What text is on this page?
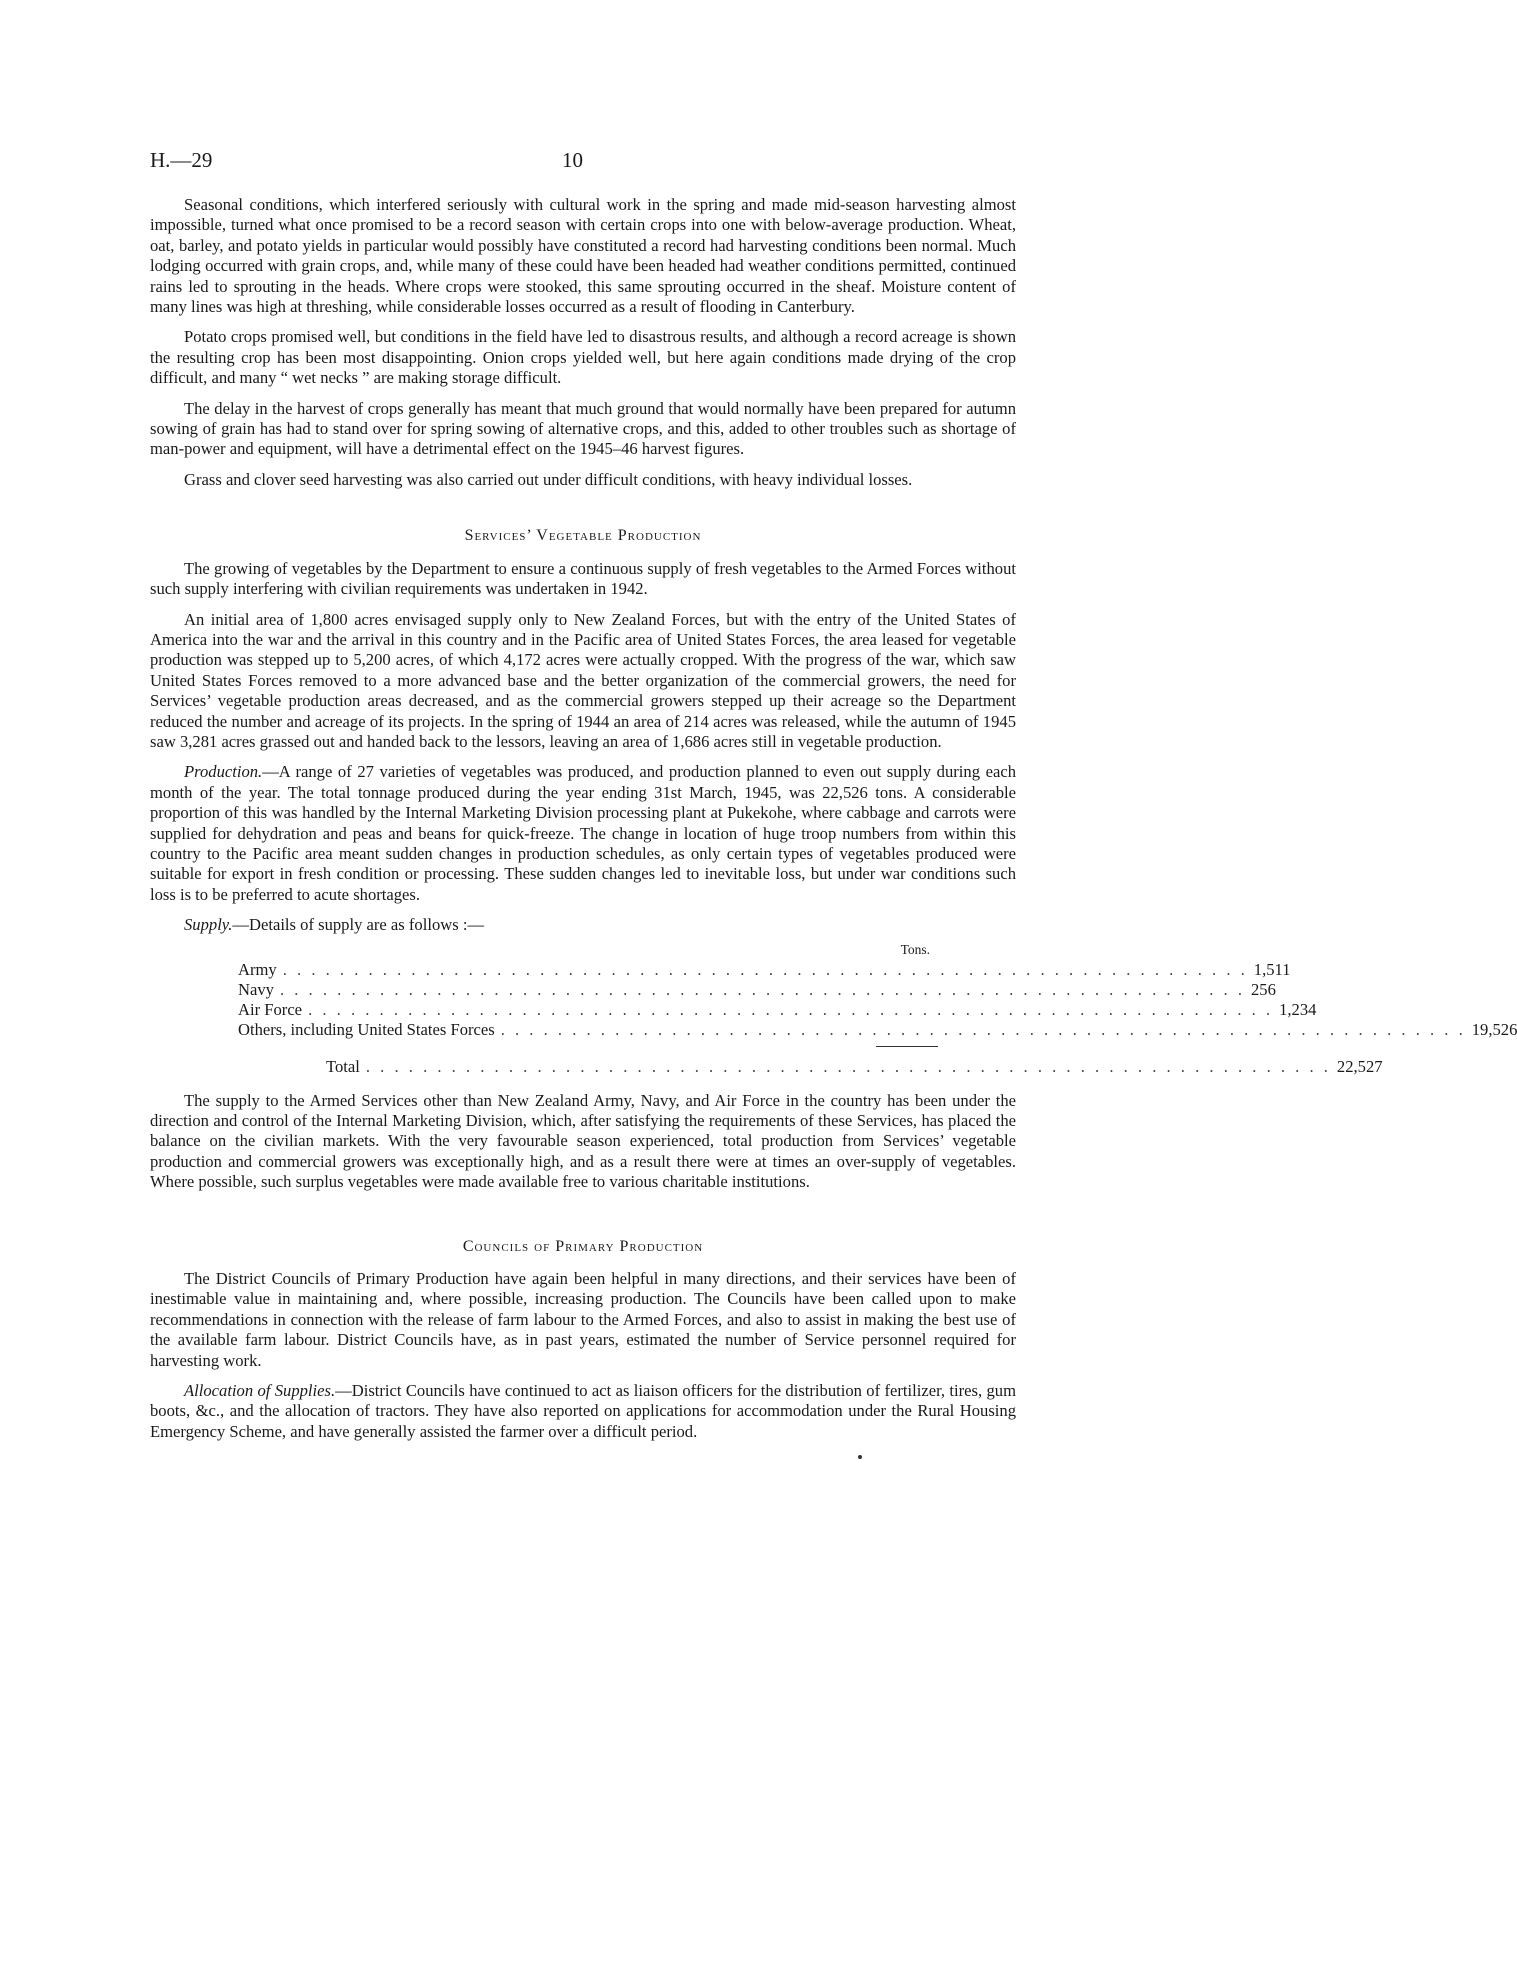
H.—29	10

Seasonal conditions, which interfered seriously with cultural work in the spring and made mid-season harvesting almost impossible, turned what once promised to be a record season with certain crops into one with below-average production. Wheat, oat, barley, and potato yields in particular would possibly have constituted a record had harvesting conditions been normal. Much lodging occurred with grain crops, and, while many of these could have been headed had weather conditions permitted, continued rains led to sprouting in the heads. Where crops were stooked, this same sprouting occurred in the sheaf. Moisture content of many lines was high at threshing, while considerable losses occurred as a result of flooding in Canterbury.

Potato crops promised well, but conditions in the field have led to disastrous results, and although a record acreage is shown the resulting crop has been most disappointing. Onion crops yielded well, but here again conditions made drying of the crop difficult, and many “ wet necks ” are making storage difficult.

The delay in the harvest of crops generally has meant that much ground that would normally have been prepared for autumn sowing of grain has had to stand over for spring sowing of alternative crops, and this, added to other troubles such as shortage of man-power and equipment, will have a detrimental effect on the 1945–46 harvest figures.

Grass and clover seed harvesting was also carried out under difficult conditions, with heavy individual losses.

Services’ Vegetable Production

The growing of vegetables by the Department to ensure a continuous supply of fresh vegetables to the Armed Forces without such supply interfering with civilian requirements was undertaken in 1942.

An initial area of 1,800 acres envisaged supply only to New Zealand Forces, but with the entry of the United States of America into the war and the arrival in this country and in the Pacific area of United States Forces, the area leased for vegetable production was stepped up to 5,200 acres, of which 4,172 acres were actually cropped. With the progress of the war, which saw United States Forces removed to a more advanced base and the better organization of the commercial growers, the need for Services’ vegetable production areas decreased, and as the commercial growers stepped up their acreage so the Department reduced the number and acreage of its projects. In the spring of 1944 an area of 214 acres was released, while the autumn of 1945 saw 3,281 acres grassed out and handed back to the lessors, leaving an area of 1,686 acres still in vegetable production.

Production.—A range of 27 varieties of vegetables was produced, and production planned to even out supply during each month of the year. The total tonnage produced during the year ending 31st March, 1945, was 22,526 tons. A considerable proportion of this was handled by the Internal Marketing Division processing plant at Pukekohe, where cabbage and carrots were supplied for dehydration and peas and beans for quick-freeze. The change in location of huge troop numbers from within this country to the Pacific area meant sudden changes in production schedules, as only certain types of vegetables produced were suitable for export in fresh condition or processing. These sudden changes led to inevitable loss, but under war conditions such loss is to be preferred to acute shortages.

Supply.—Details of supply are as follows :—

Tons.
Army . . . . . . . . . . . . . . . . . . . . . . . . . . . . . . . . . . . . . . . . . . . . . . . . . . . . . . . . . . . . . . . . . . . . 1,511
Navy . . . . . . . . . . . . . . . . . . . . . . . . . . . . . . . . . . . . . . . . . . . . . . . . . . . . . . . . . . . . . . . . . . . . 256
Air Force . . . . . . . . . . . . . . . . . . . . . . . . . . . . . . . . . . . . . . . . . . . . . . . . . . . . . . . . . . . . . . . . . . . . 1,234
Others, including United States Forces . . . . . . . . . . . . . . . . . . . . . . . . . . . . . . . . . . . . . . . . . . . . . . . . . . . . . . . . . . . . . . . . . . . . 19,526
Total . . . . . . . . . . . . . . . . . . . . . . . . . . . . . . . . . . . . . . . . . . . . . . . . . . . . . . . . . . . . . . . . . . . . 22,527

The supply to the Armed Services other than New Zealand Army, Navy, and Air Force in the country has been under the direction and control of the Internal Marketing Division, which, after satisfying the requirements of these Services, has placed the balance on the civilian markets. With the very favourable season experienced, total production from Services’ vegetable production and commercial growers was exceptionally high, and as a result there were at times an over-supply of vegetables. Where possible, such surplus vegetables were made available free to various charitable institutions.

Councils of Primary Production

The District Councils of Primary Production have again been helpful in many directions, and their services have been of inestimable value in maintaining and, where possible, increasing production. The Councils have been called upon to make recommendations in connection with the release of farm labour to the Armed Forces, and also to assist in making the best use of the available farm labour. District Councils have, as in past years, estimated the number of Service personnel required for harvesting work.

Allocation of Supplies.—District Councils have continued to act as liaison officers for the distribution of fertilizer, tires, gum boots, &c., and the allocation of tractors. They have also reported on applications for accommodation under the Rural Housing Emergency Scheme, and have generally assisted the farmer over a difficult period.
